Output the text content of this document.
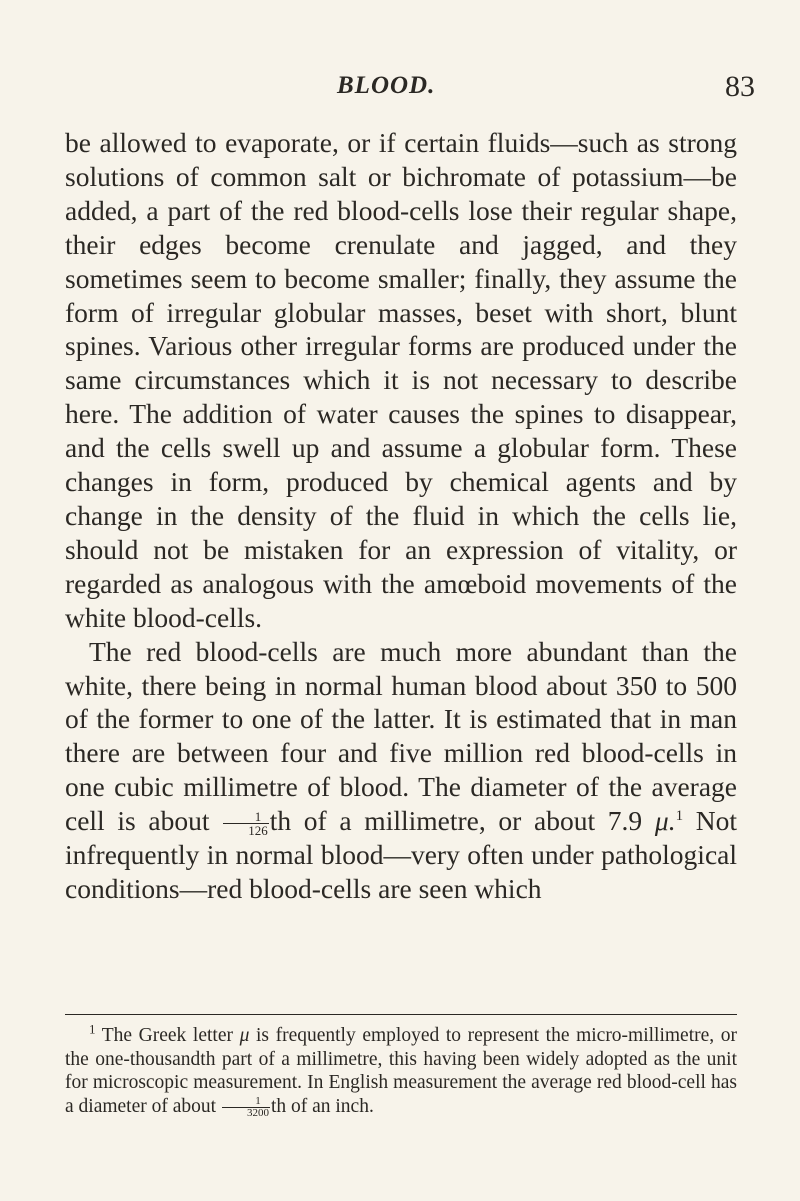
BLOOD.	83

be allowed to evaporate, or if certain fluids—such as strong solutions of common salt or bichromate of potassium—be added, a part of the red blood-cells lose their regular shape, their edges become crenulate and jagged, and they sometimes seem to become smaller; finally, they assume the form of irregular globular masses, beset with short, blunt spines. Various other irregular forms are produced under the same circumstances which it is not necessary to describe here. The addition of water causes the spines to disappear, and the cells swell up and assume a globular form. These changes in form, produced by chemical agents and by change in the density of the fluid in which the cells lie, should not be mistaken for an expression of vitality, or regarded as analogous with the amœboid movements of the white blood-cells.

The red blood-cells are much more abundant than the white, there being in normal human blood about 350 to 500 of the former to one of the latter. It is estimated that in man there are between four and five million red blood-cells in one cubic millimetre of blood. The diameter of the average cell is about $\frac{1}{126}$ th of a millimetre, or about 7.9 μ.$^1$ Not infrequently in normal blood—very often under pathological conditions—red blood-cells are seen which

$^1$ The Greek letter μ is frequently employed to represent the micro-millimetre, or the one-thousandth part of a millimetre, this having been widely adopted as the unit for microscopic measurement. In English measurement the average red blood-cell has a diameter of about $\frac{1}{3200}$ th of an inch.
